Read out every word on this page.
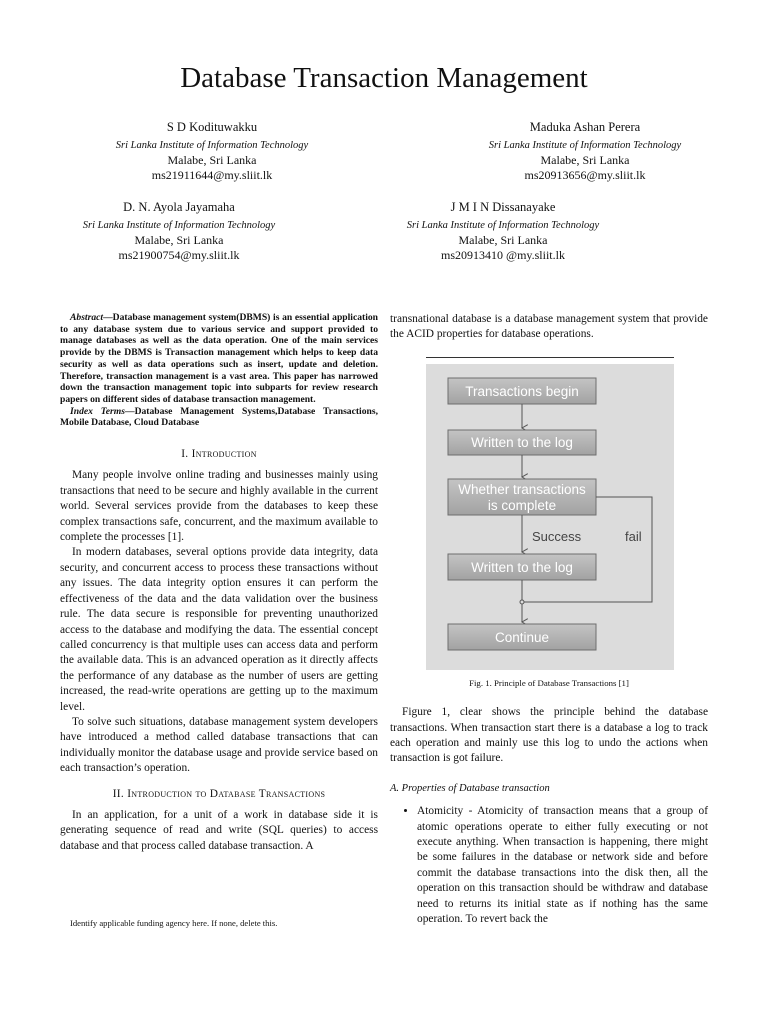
Database Transaction Management
S D Kodituwakku
Sri Lanka Institute of Information Technology
Malabe, Sri Lanka
ms21911644@my.sliit.lk
Maduka Ashan Perera
Sri Lanka Institute of Information Technology
Malabe, Sri Lanka
ms20913656@my.sliit.lk
D. N. Ayola Jayamaha
Sri Lanka Institute of Information Technology
Malabe, Sri Lanka
ms21900754@my.sliit.lk
J M I N Dissanayake
Sri Lanka Institute of Information Technology
Malabe, Sri Lanka
ms20913410 @my.sliit.lk

Abstract—Database management system(DBMS) is an essential application to any database system due to various service and support provided to manage databases as well as the data operation. One of the main services provide by the DBMS is Transaction management which helps to keep data security as well as data operations such as insert, update and deletion. Therefore, transaction management is a vast area. This paper has narrowed down the transaction management topic into subparts for review research papers on different sides of database transaction management.

Index Terms—Database Management Systems,Database Transactions, Mobile Database, Cloud Database

I. Introduction

Many people involve online trading and businesses mainly using transactions that need to be secure and highly available in the current world. Several services provide from the databases to keep these complex transactions safe, concurrent, and the maximum available to complete the processes [1].

In modern databases, several options provide data integrity, data security, and concurrent access to process these transactions without any issues. The data integrity option ensures it can perform the effectiveness of the data and the data validation over the business rule. The data secure is responsible for preventing unauthorized access to the database and modifying the data. The essential concept called concurrency is that multiple uses can access data and perform the available data. This is an advanced operation as it directly affects the performance of any database as the number of users are getting increased, the read-write operations are getting up to the maximum level.

To solve such situations, database management system developers have introduced a method called database transactions that can individually monitor the database usage and provide service based on each transaction’s operation.

II. Introduction to Database Transactions

In an application, for a unit of a work in database side it is generating sequence of read and write (SQL queries) to access database and that process called database transaction. A

Identify applicable funding agency here. If none, delete this.

transnational database is a database management system that provide the ACID properties for database operations.

Transactions begin
Written to the log
Whether transactions
is complete
Success	fail
Written to the log
Continue
Fig. 1. Principle of Database Transactions [1]

Figure 1, clear shows the principle behind the database transactions. When transaction start there is a database a log to track each operation and mainly use this log to undo the actions when transaction is got failure.

A. Properties of Database transaction
• Atomicity - Atomicity of transaction means that a group of atomic operations operate to either fully executing or not execute anything. When transaction is happening, there might be some failures in the database or network side and before commit the database transactions into the disk then, all the operation on this transaction should be withdraw and database need to returns its initial state as if nothing has the same operation. To revert back the
